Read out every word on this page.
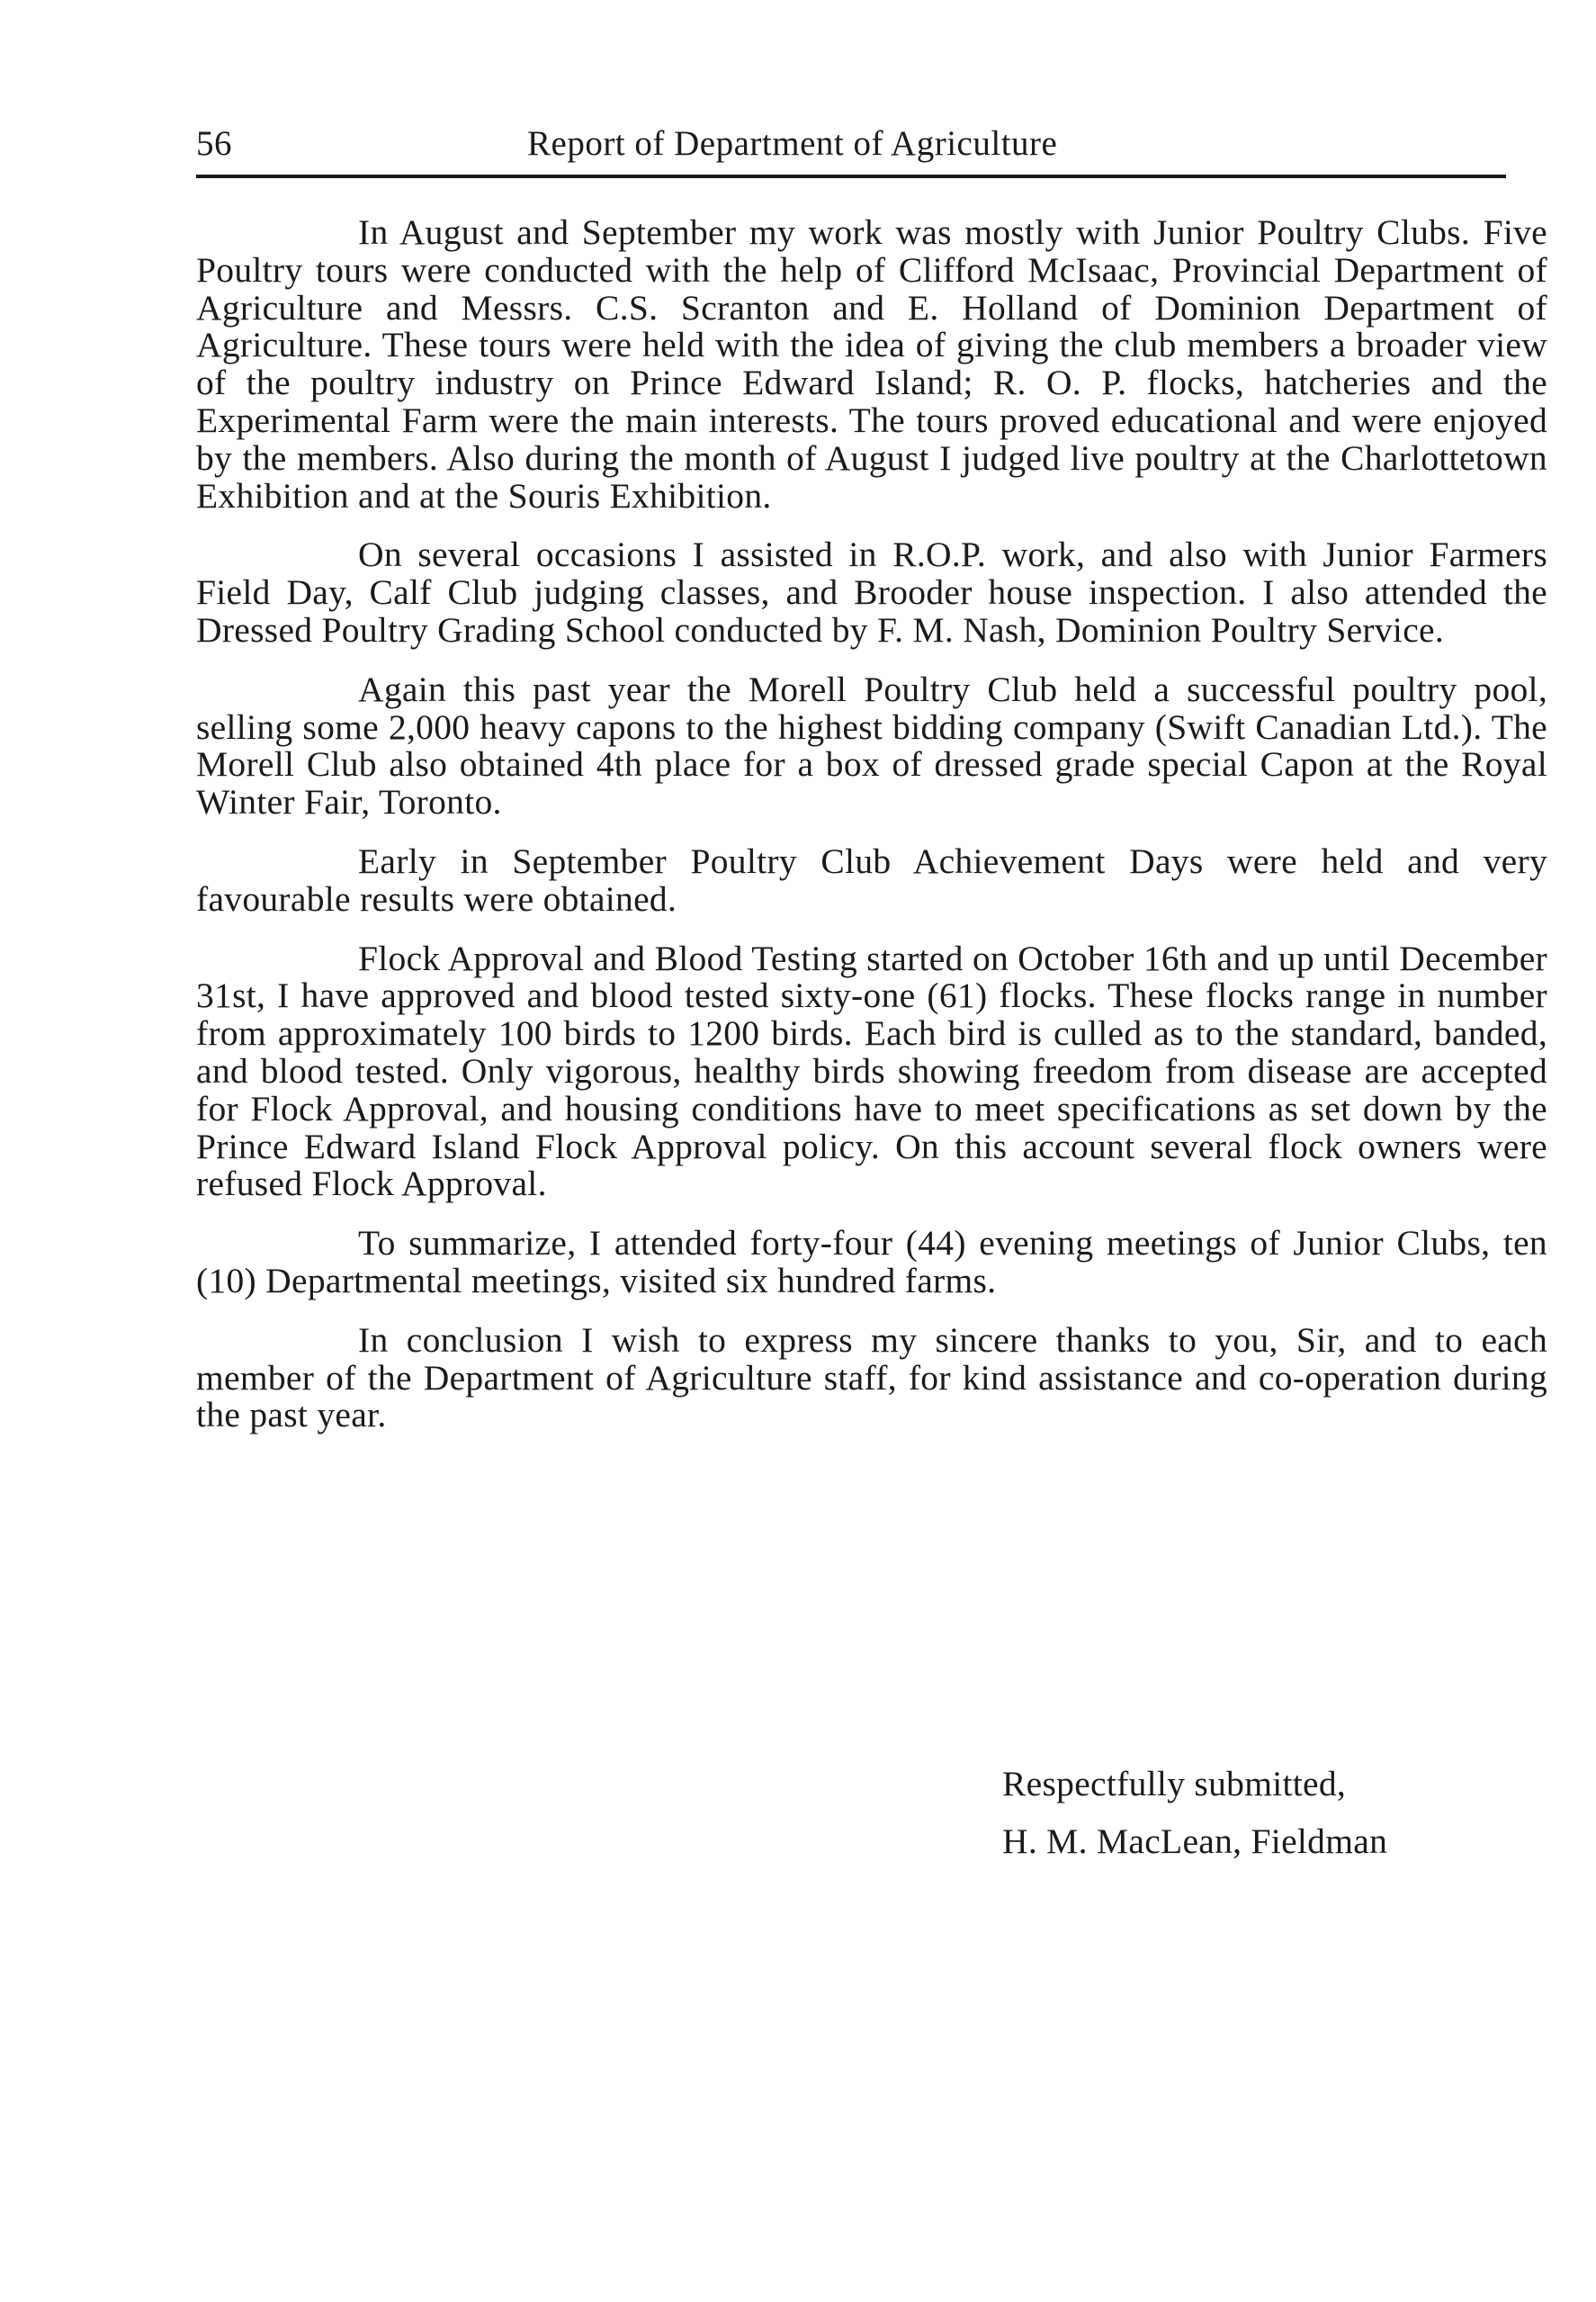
56	Report of Department of Agriculture

In August and September my work was mostly with Junior Poultry Clubs. Five Poultry tours were conducted with the help of Clifford McIsaac, Provincial Department of Agriculture and Messrs. C.S. Scranton and E. Holland of Dominion Department of Agriculture. These tours were held with the idea of giving the club members a broader view of the poultry industry on Prince Edward Island; R. O. P. flocks, hatcheries and the Experimental Farm were the main interests. The tours proved educational and were enjoyed by the members. Also during the month of August I judged live poultry at the Charlottetown Exhibition and at the Souris Exhibition.

On several occasions I assisted in R.O.P. work, and also with Junior Farmers Field Day, Calf Club judging classes, and Brooder house inspection. I also attended the Dressed Poultry Grading School conducted by F. M. Nash, Dominion Poultry Service.

Again this past year the Morell Poultry Club held a successful poultry pool, selling some 2,000 heavy capons to the highest bidding company (Swift Canadian Ltd.). The Morell Club also obtained 4th place for a box of dressed grade special Capon at the Royal Winter Fair, Toronto.

Early in September Poultry Club Achievement Days were held and very favourable results were obtained.

Flock Approval and Blood Testing started on October 16th and up until December 31st, I have approved and blood tested sixty-one (61) flocks. These flocks range in number from approximately 100 birds to 1200 birds. Each bird is culled as to the standard, banded, and blood tested. Only vigorous, healthy birds showing freedom from disease are accepted for Flock Approval, and housing conditions have to meet specifications as set down by the Prince Edward Island Flock Approval policy. On this account several flock owners were refused Flock Approval.

To summarize, I attended forty-four (44) evening meetings of Junior Clubs, ten (10) Departmental meetings, visited six hundred farms.

In conclusion I wish to express my sincere thanks to you, Sir, and to each member of the Department of Agriculture staff, for kind assistance and co-operation during the past year.

Respectfully submitted,
H. M. MacLean, Fieldman
